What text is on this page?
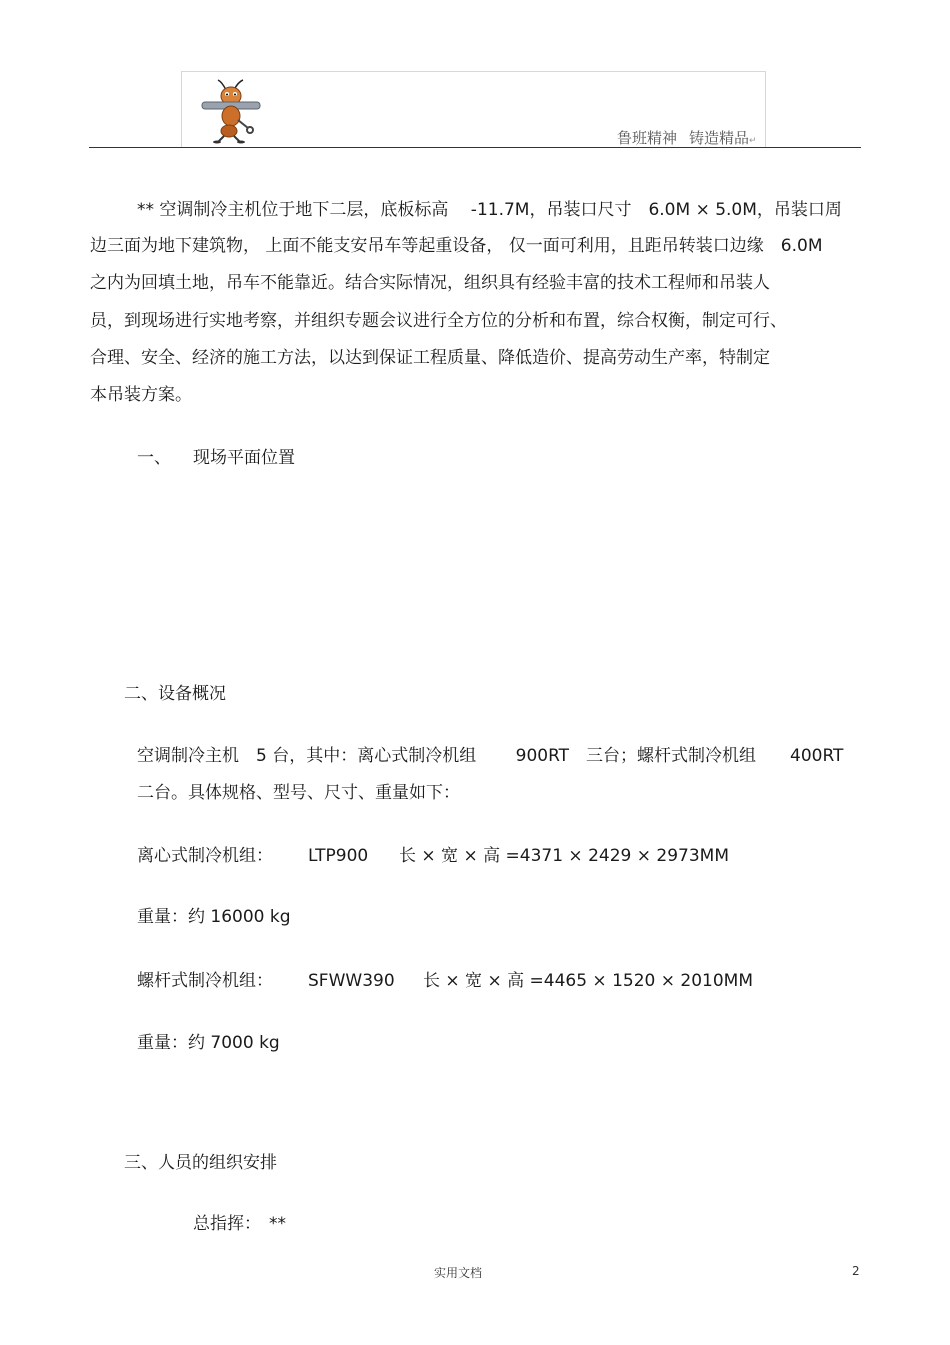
鲁班精神 铸造精品↵
** 空调制冷主机位于地下二层，底板标高　 -11.7M，吊装口尺寸　6.0M × 5.0M，吊装口周
边三面为地下建筑物， 上面不能支安吊车等起重设备， 仅一面可利用，且距吊转装口边缘　6.0M
之内为回填土地，吊车不能靠近。结合实际情况，组织具有经验丰富的技术工程师和吊装人
员，到现场进行实地考察，并组织专题会议进行全方位的分析和布置，综合权衡，制定可行、
合理、安全、经济的施工方法，以达到保证工程质量、降低造价、提高劳动生产率，特制定
本吊装方案。
一、 现场平面位置
二、设备概况
空调制冷主机　5 台，其中：离心式制冷机组　　 900RT　三台；螺杆式制冷机组　　400RT
二台。具体规格、型号、尺寸、重量如下：
离心式制冷机组： LTP900 长 × 宽 × 高 =4371 × 2429 × 2973MM
重量：约 16000 kg
螺杆式制冷机组： SFWW390 长 × 宽 × 高 =4465 × 1520 × 2010MM
重量：约 7000 kg
三、人员的组织安排
总指挥： **
实用文档	2
